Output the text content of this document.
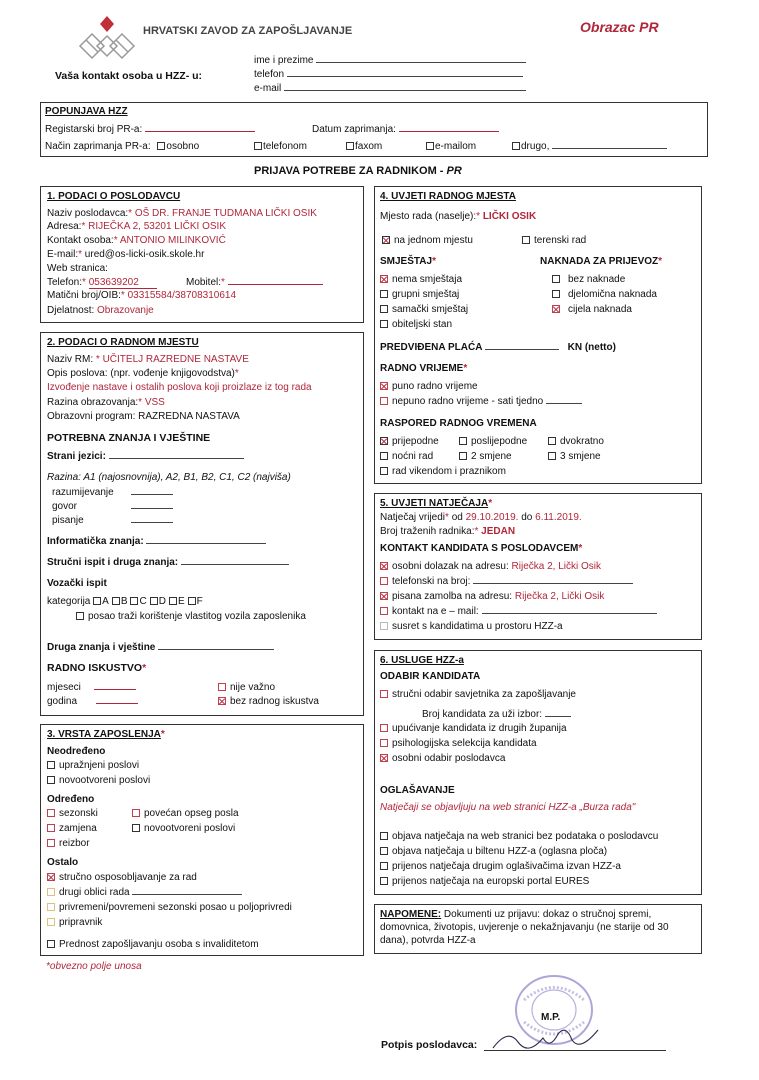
HRVATSKI ZAVOD ZA ZAPOŠLJAVANJE	Obrazac PR
Vaša kontakt osoba u HZZ- u:
ime i prezime
telefon
e-mail
POPUNJAVA HZZ
Registarski broj PR-a:	Datum zaprimanja:
Način zaprimanja PR-a: osobno	telefonom	faxom	e-mailom	drugo,
PRIJAVA POTREBE ZA RADNIKOM - PR
1. PODACI O POSLODAVCU
Naziv poslodavca:* OŠ DR. FRANJE TUDMANA LIČKI OSIK
Adresa:* RIJEČKA 2, 53201 LIČKI OSIK
Kontakt osoba:* ANTONIO MILINKOVIĆ
E-mail:* ured@os-licki-osik.skole.hr
Web stranica:
Telefon:* 053639202	Mobitel:*
Matični broj/OIB:* 03315584/38708310614
Djelatnost: Obrazovanje
2. PODACI O RADNOM MJESTU
Naziv RM: * UČITELJ RAZREDNE NASTAVE
Opis poslova: (npr. vođenje knjigovodstva)*
Izvođenje nastave i ostalih poslova koji proizlaze iz tog rada
Razina obrazovanja:* VSS
Obrazovni program: RAZREDNA NASTAVA
POTREBNA ZNANJA I VJEŠTINE
Strani jezici:
Razina: A1 (najosnovnija), A2, B1, B2, C1, C2 (najviša)
razumijevanje
govor
pisanje
Informatička znanja:
Stručni ispit i druga znanja:
Vozački ispit
kategorija A B C D E F
posao traži korištenje vlastitog vozila zaposlenika
Druga znanja i vještine
RADNO ISKUSTVO*
mjeseci
godina
nije važno
bez radnog iskustva
3. VRSTA ZAPOSLENJA*
Neodređeno
upražnjeni poslovi
novootvoreni poslovi
Određeno
sezonski
zamjena
reizbor
povećan opseg posla
novootvoreni poslovi
Ostalo
stručno osposobljavanje za rad
drugi oblici rada
privremeni/povremeni sezonski posao u poljoprivredi
pripravnik
Prednost zapošljavanju osoba s invaliditetom
*obvezno polje unosa
4. UVJETI RADNOG MJESTA
Mjesto rada (naselje):* LIČKI OSIK
na jednom mjestu	terenski rad
SMJEŠTAJ*	NAKNADA ZA PRIJEVOZ*
nema smještaja
grupni smještaj
samački smještaj
obiteljski stan
bez naknade
djelomična naknada
cijela naknada
PREDVIĐENA PLAĆA	KN (netto)
RADNO VRIJEME*
puno radno vrijeme
nepuno radno vrijeme - sati tjedno
RASPORED RADNOG VREMENA
prijepodne	poslijepodne	dvokratno
noćni rad	2 smjene	3 smjene
rad vikendom i praznikom
5. UVJETI NATJEČAJA*
Natječaj vrijedi* od 29.10.2019. do 6.11.2019.
Broj traženih radnika:* JEDAN
KONTAKT KANDIDATA S POSLODAVCEM*
osobni dolazak na adresu: Riječka 2, Lički Osik
telefonski na broj:
pisana zamolba na adresu: Riječka 2, Lički Osik
kontakt na e – mail:
susret s kandidatima u prostoru HZZ-a
6. USLUGE HZZ-a
ODABIR KANDIDATA
stručni odabir savjetnika za zapošljavanje
Broj kandidata za uži izbor:
upućivanje kandidata iz drugih županija
psihologijska selekcija kandidata
osobni odabir poslodavca
OGLAŠAVANJE
Natječaji se objavljuju na web stranici HZZ-a „Burza rada"
objava natječaja na web stranici bez podataka o poslodavcu
objava natječaja u biltenu HZZ-a (oglasna ploča)
prijenos natječaja drugim oglašivačima izvan HZZ-a
prijenos natječaja na europski portal EURES
NAPOMENE: Dokumenti uz prijavu: dokaz o stručnoj spremi, domovnica, životopis, uvjerenje o nekažnjavanju (ne starije od 30 dana), potvrda HZZ-a
M.P.
Potpis poslodavca:
